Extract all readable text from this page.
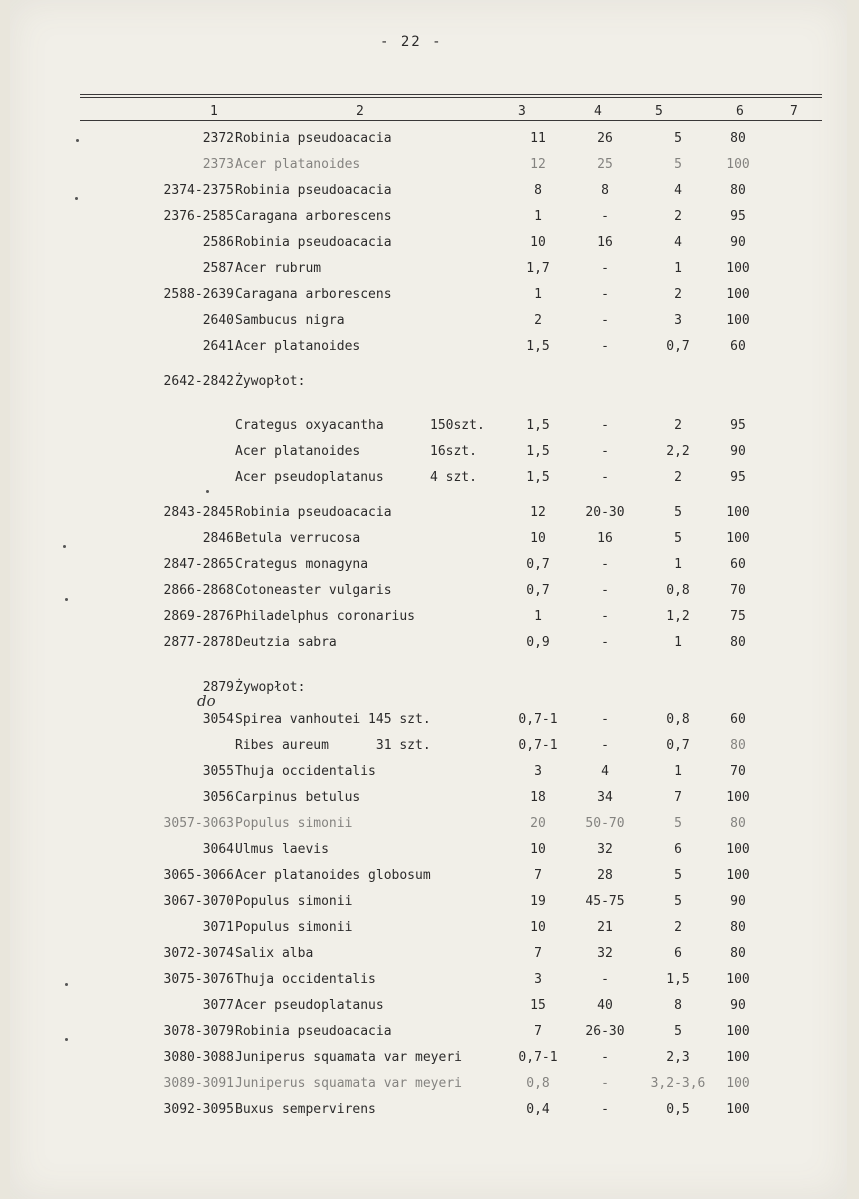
- 22 -
1	2	3	4	5	6	7
2372 Robinia pseudoacacia	11	26	5	80
2373 Acer platanoides	12	25	5	100
2374-2375 Robinia pseudoacacia	8	8	4	80
2376-2585 Caragana arborescens	1	-	2	95
2586 Robinia pseudoacacia	10	16	4	90
2587 Acer rubrum	1,7	-	1	100
2588-2639 Caragana arborescens	1	-	2	100
2640 Sambucus nigra	2	-	3	100
2641 Acer platanoides	1,5	-	0,7	60
2642-2842 Żywopłot:
Crategus oxyacantha	150szt.	1,5	-	2	95
Acer platanoides	16szt.	1,5	-	2,2	90
Acer pseudoplatanus	4 szt.	1,5	-	2	95
2843-2845 Robinia pseudoacacia	12	20-30	5	100
2846 Betula verrucosa	10	16	5	100
2847-2865 Crategus monagyna	0,7	-	1	60
2866-2868 Cotoneaster vulgaris	0,7	-	0,8	70
2869-2876 Philadelphus coronarius	1	-	1,2	75
2877-2878 Deutzia sabra	0,9	-	1	80
2879 Żywopłot:
do
3054 Spirea vanhoutei 145 szt.	0,7-1	-	0,8	60
Ribes aureum      31 szt.	0,7-1	-	0,7	80
3055 Thuja occidentalis	3	4	1	70
3056 Carpinus betulus	18	34	7	100
3057-3063 Populus simonii	20	50-70	5	80
3064 Ulmus laevis	10	32	6	100
3065-3066 Acer platanoides globosum	7	28	5	100
3067-3070 Populus simonii	19	45-75	5	90
3071 Populus simonii	10	21	2	80
3072-3074 Salix alba	7	32	6	80
3075-3076 Thuja occidentalis	3	-	1,5	100
3077 Acer pseudoplatanus	15	40	8	90
3078-3079 Robinia pseudoacacia	7	26-30	5	100
3080-3088 Juniperus squamata var meyeri	0,7-1	-	2,3	100
3089-3091 Juniperus squamata var meyeri	0,8	-	3,2-3,6	100
3092-3095 Buxus sempervirens	0,4	-	0,5	100
